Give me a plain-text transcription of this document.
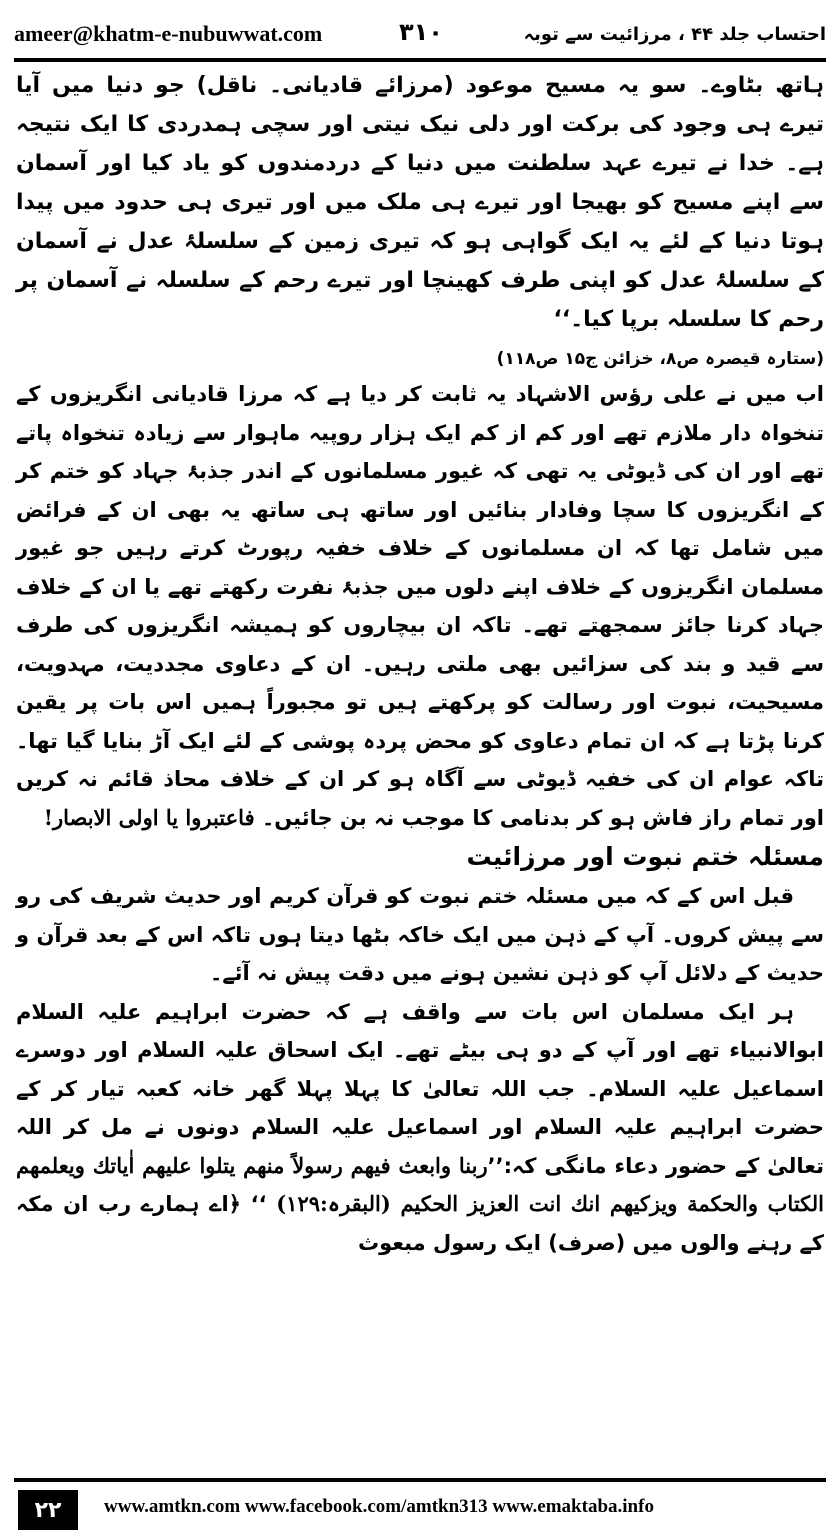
ameer@khatm-e-nubuwwat.com	۳۱۰	احتساب جلد ۴۴ ، مرزائیت سے توبہ

ہاتھ بٹاوے۔ سو یہ مسیح موعود (مرزائے قادیانی۔ ناقل) جو دنیا میں آیا تیرے ہی وجود کی برکت اور دلی نیک نیتی اور سچی ہمدردی کا ایک نتیجہ ہے۔ خدا نے تیرے عہد سلطنت میں دنیا کے دردمندوں کو یاد کیا اور آسمان سے اپنے مسیح کو بھیجا اور تیرے ہی ملک میں اور تیری ہی حدود میں پیدا ہوتا دنیا کے لئے یہ ایک گواہی ہو کہ تیری زمین کے سلسلۂ عدل نے آسمان کے سلسلۂ عدل کو اپنی طرف کھینچا اور تیرے رحم کے سلسلہ نے آسمان پر رحم کا سلسلہ برپا کیا۔‘‘

(ستارہ قیصرہ ص۸، خزائن ج۱۵ ص۱۱۸)

اب میں نے علی رؤس الاشہاد یہ ثابت کر دیا ہے کہ مرزا قادیانی انگریزوں کے تنخواہ دار ملازم تھے اور کم از کم ایک ہزار روپیہ ماہوار سے زیادہ تنخواہ پاتے تھے اور ان کی ڈیوٹی یہ تھی کہ غیور مسلمانوں کے اندر جذبۂ جہاد کو ختم کر کے انگریزوں کا سچا وفادار بنائیں اور ساتھ ہی ساتھ یہ بھی ان کے فرائض میں شامل تھا کہ ان مسلمانوں کے خلاف خفیہ رپورٹ کرتے رہیں جو غیور مسلمان انگریزوں کے خلاف اپنے دلوں میں جذبۂ نفرت رکھتے تھے یا ان کے خلاف جہاد کرنا جائز سمجھتے تھے۔ تاکہ ان بیچاروں کو ہمیشہ انگریزوں کی طرف سے قید و بند کی سزائیں بھی ملتی رہیں۔ ان کے دعاوی مجددیت، مہدویت، مسیحیت، نبوت اور رسالت کو پرکھتے ہیں تو مجبوراً ہمیں اس بات پر یقین کرنا پڑتا ہے کہ ان تمام دعاوی کو محض پردہ پوشی کے لئے ایک آڑ بنایا گیا تھا۔ تاکہ عوام ان کی خفیہ ڈیوٹی سے آگاہ ہو کر ان کے خلاف محاذ قائم نہ کریں اور تمام راز فاش ہو کر بدنامی کا موجب نہ بن جائیں۔ فاعتبروا یا اولی الابصار!

مسئلہ ختم نبوت اور مرزائیت

قبل اس کے کہ میں مسئلہ ختم نبوت کو قرآن کریم اور حدیث شریف کی رو سے پیش کروں۔ آپ کے ذہن میں ایک خاکہ بٹھا دیتا ہوں تاکہ اس کے بعد قرآن و حدیث کے دلائل آپ کو ذہن نشین ہونے میں دقت پیش نہ آئے۔

ہر ایک مسلمان اس بات سے واقف ہے کہ حضرت ابراہیم علیہ السلام ابوالانبیاء تھے اور آپ کے دو ہی بیٹے تھے۔ ایک اسحاق علیہ السلام اور دوسرے اسماعیل علیہ السلام۔ جب اللہ تعالیٰ کا پہلا پہلا گھر خانہ کعبہ تیار کر کے حضرت ابراہیم علیہ السلام اور اسماعیل علیہ السلام دونوں نے مل کر اللہ تعالیٰ کے حضور دعاء مانگی کہ:’’ربنا وابعث فیهم رسولاً منهم یتلوا علیهم اٰیاتك ویعلمهم الكتاب والحكمة ویزكیهم انك انت العزیز الحكیم (البقرہ:۱۲۹) ‘‘ ﴿اے ہمارے رب ان مکہ کے رہنے والوں میں (صرف) ایک رسول مبعوث

۲۲	www.amtkn.com www.facebook.com/amtkn313 www.emaktaba.info
